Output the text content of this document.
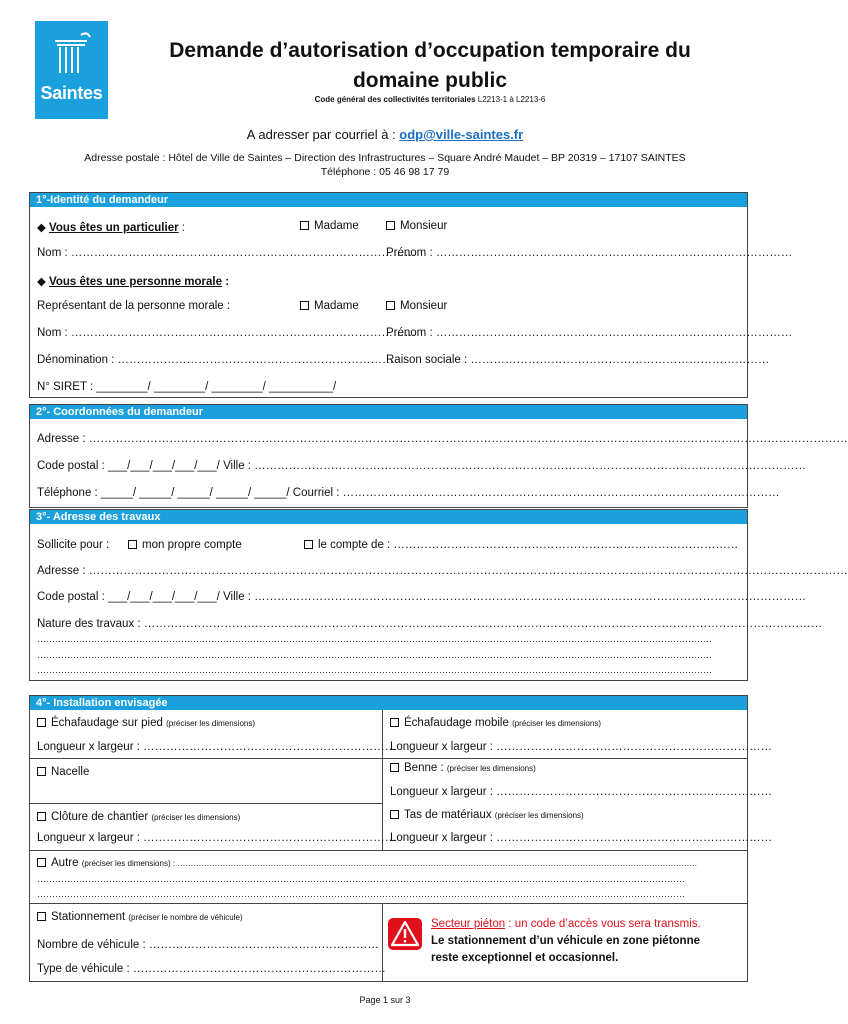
Saintes
Demande d’autorisation d’occupation temporaire du
domaine public
Code général des collectivités territoriales L2213-1 à L2213-6
A adresser par courriel à : odp@ville-saintes.fr
Adresse postale : Hôtel de Ville de Saintes – Direction des Infrastructures – Square André Maudet – BP 20319 – 17107 SAINTES
Téléphone : 05 46 98 17 79
1°-Identité du demandeur
◆ Vous êtes un particulier :	Madame	Monsieur
Nom : ………………………………………………………………………………
Prénom : …………………………………………………………………………………
◆ Vous êtes une personne morale :
Représentant de la personne morale :	Madame	Monsieur
Nom : ………………………………………………………………………………
Prénom : …………………………………………………………………………………
Dénomination : ………………………………………………………………
Raison sociale : ……………………………………………………………………
N° SIRET : ________/ ________/ ________/ __________/
2°- Coordonnées du demandeur
Adresse : ………………………………………………………………………………………………………………………………………………………………………………
Code postal : ___/___/___/___/___/ Ville : ………………………………………………………………………………………………………………………………
Téléphone : _____/ _____/ _____/ _____/ _____/ Courriel : ……………………………………………………………………………………………………
3°- Adresse des travaux
Sollicite pour :	mon propre compte	le compte de : ………………………………………………………………………………
Adresse : ………………………………………………………………………………………………………………………………………………………………………………
Code postal : ___/___/___/___/___/ Ville : ………………………………………………………………………………………………………………………………
Nature des travaux : ……………………………………………………………………………………………………………………………………………………………
………………………………………………………………………………………………………………………………………………………………………………………………………
………………………………………………………………………………………………………………………………………………………………………………………………………
………………………………………………………………………………………………………………………………………………………………………………………………………
4°- Installation envisagée
Échafaudage sur pied (préciser les dimensions)	Échafaudage mobile (préciser les dimensions)
Longueur x largeur : …………………………………………………………
Longueur x largeur : ………………………………………………………………
Nacelle	Benne : (préciser les dimensions)
Longueur x largeur : ………………………………………………………………
Clôture de chantier (préciser les dimensions)	Tas de matériaux (préciser les dimensions)
Longueur x largeur : …………………………………………………………
Longueur x largeur : ………………………………………………………………
Autre (préciser les dimensions) : ……………………………………………………………………………………………………………………………………………………………………………
………………………………………………………………………………………………………………………………………………………………………………………………
………………………………………………………………………………………………………………………………………………………………………………………………
Stationnement (préciser le nombre de véhicule)
Nombre de véhicule : ……………………………………………………
Type de véhicule : …………………………………………………………
Secteur piéton : un code d’accès vous sera transmis.
Le stationnement d’un véhicule en zone piétonne
reste exceptionnel et occasionnel.
Page 1 sur 3
